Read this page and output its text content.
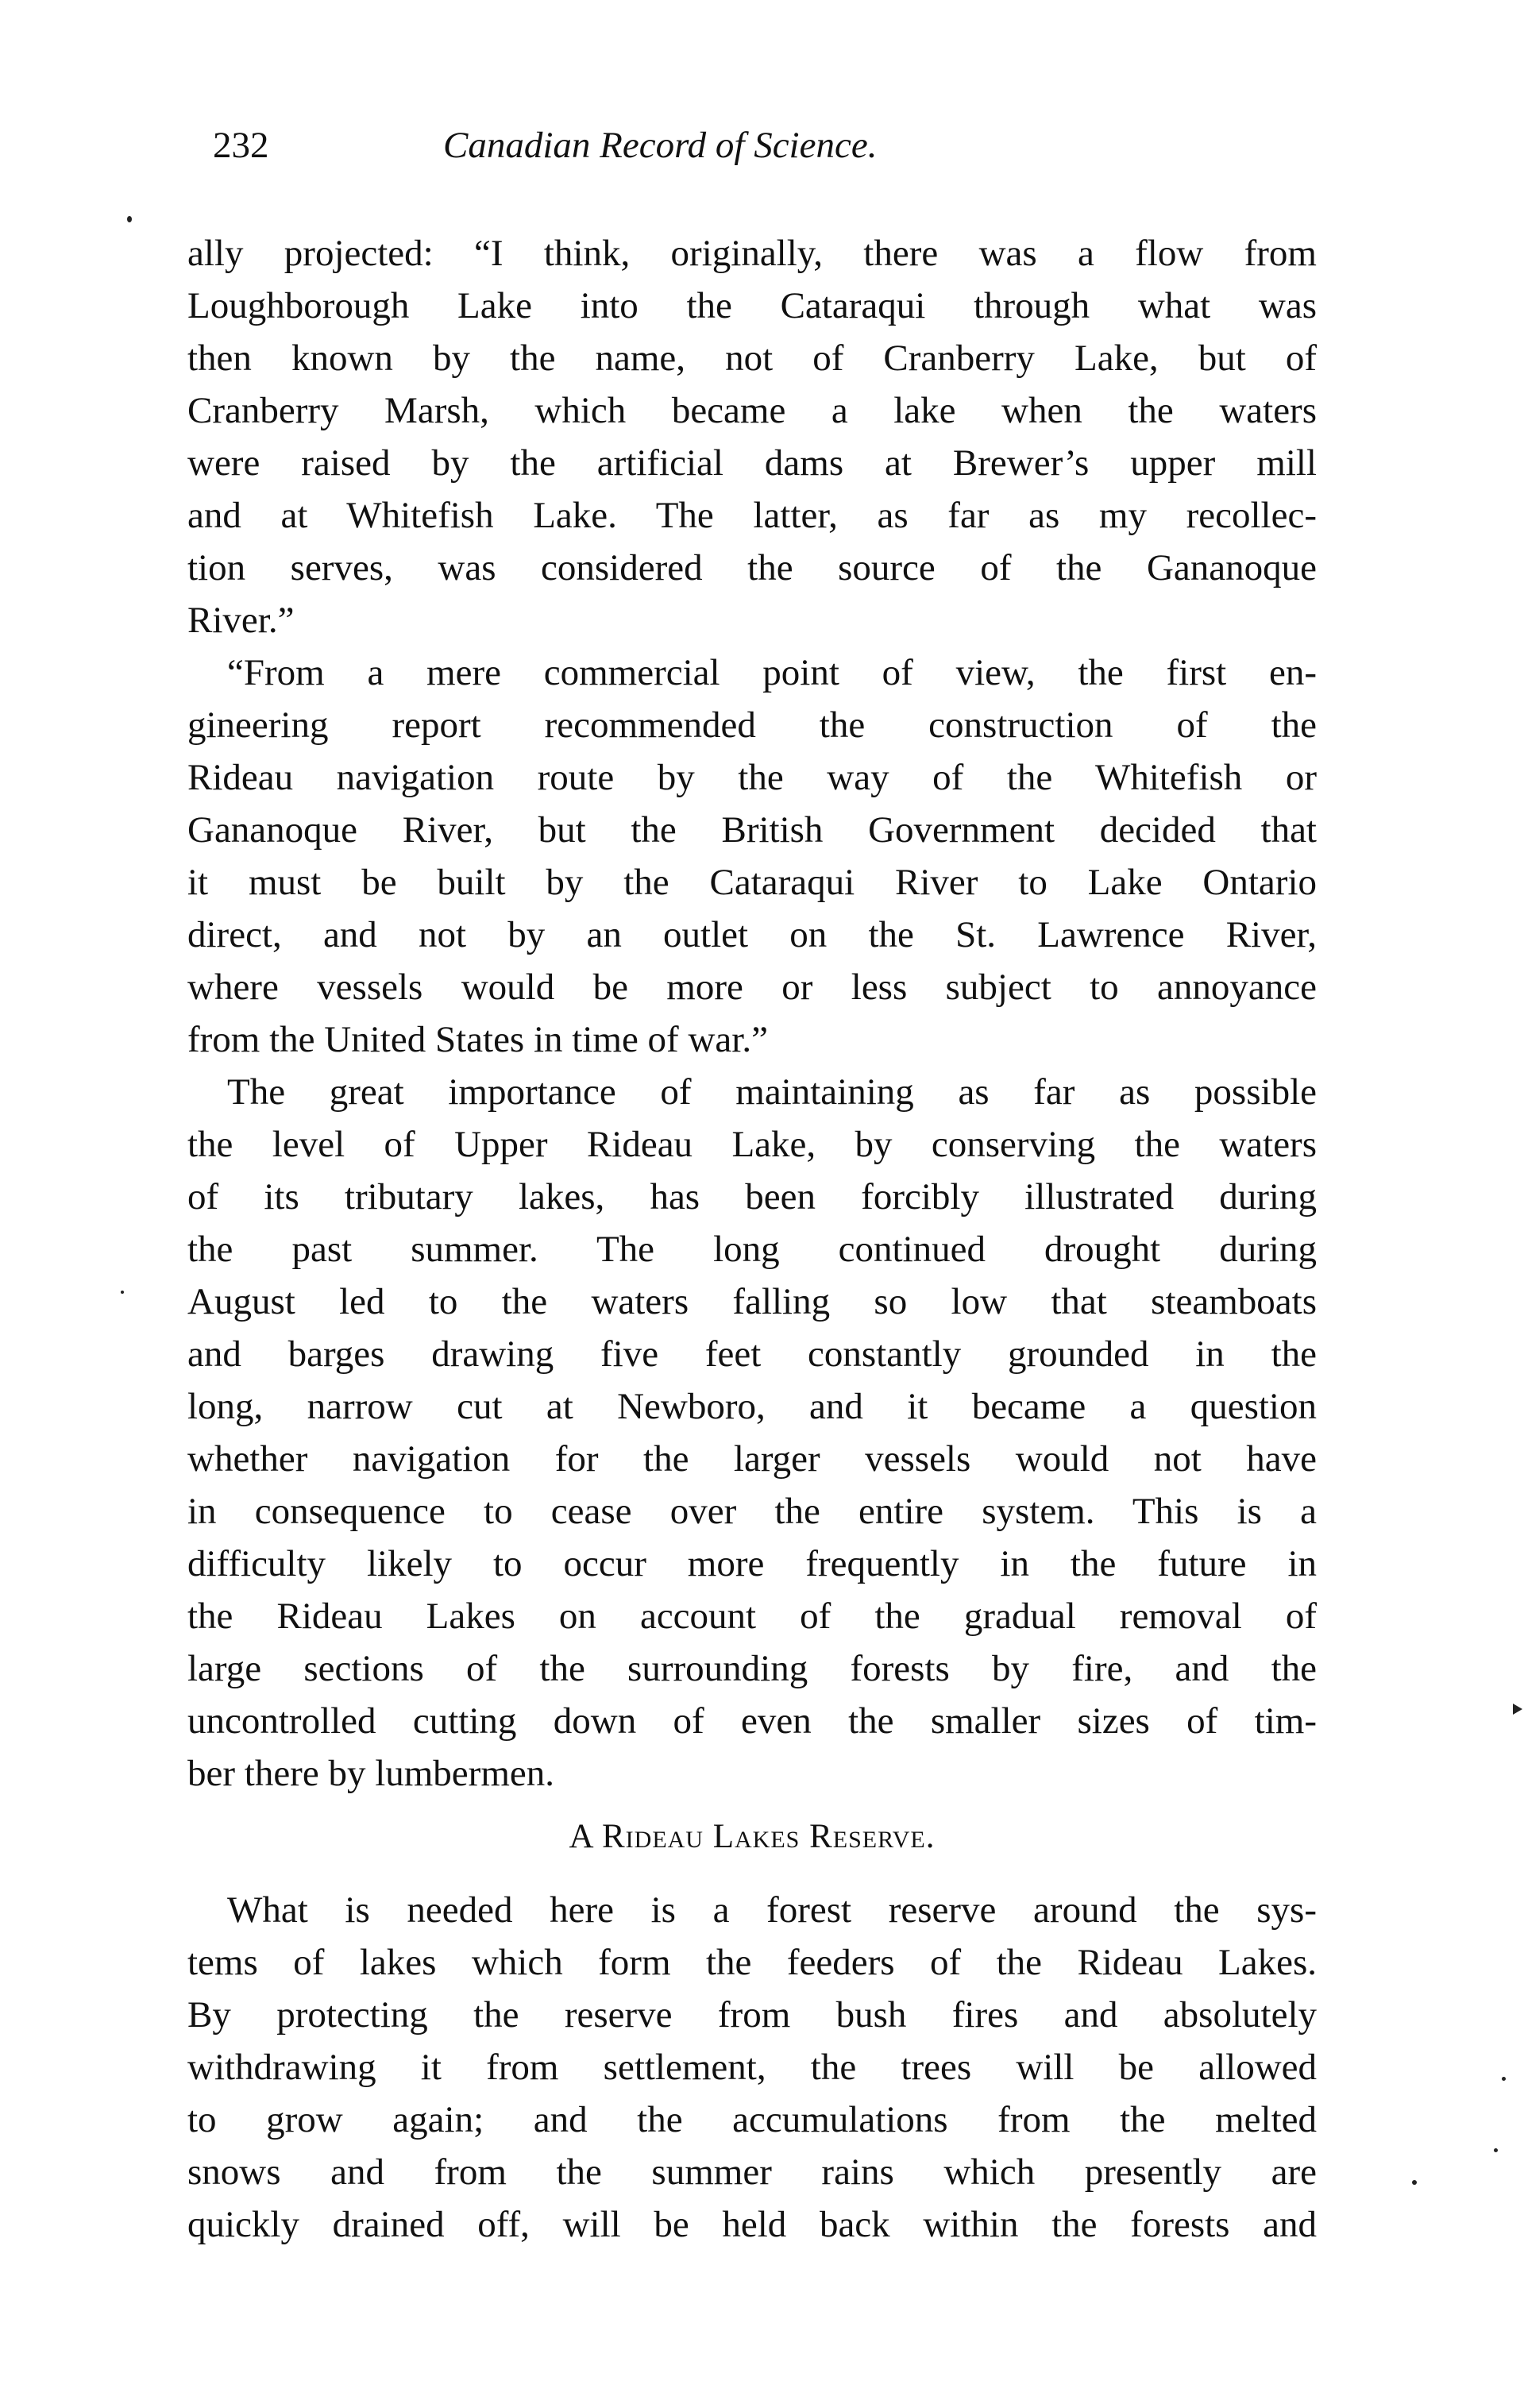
232	Canadian Record of Science.
ally projected: “I think, originally, there was a flow from
Loughborough Lake into the Cataraqui through what was
then known by the name, not of Cranberry Lake, but of
Cranberry Marsh, which became a lake when the waters
were raised by the artificial dams at Brewer’s upper mill
and at Whitefish Lake. The latter, as far as my recollec-
tion serves, was considered the source of the Gananoque
River.”
“From a mere commercial point of view, the first en-
gineering report recommended the construction of the
Rideau navigation route by the way of the Whitefish or
Gananoque River, but the British Government decided that
it must be built by the Cataraqui River to Lake Ontario
direct, and not by an outlet on the St. Lawrence River,
where vessels would be more or less subject to annoyance
from the United States in time of war.”
The great importance of maintaining as far as possible
the level of Upper Rideau Lake, by conserving the waters
of its tributary lakes, has been forcibly illustrated during
the past summer. The long continued drought during
August led to the waters falling so low that steamboats
and barges drawing five feet constantly grounded in the
long, narrow cut at Newboro, and it became a question
whether navigation for the larger vessels would not have
in consequence to cease over the entire system. This is a
difficulty likely to occur more frequently in the future in
the Rideau Lakes on account of the gradual removal of
large sections of the surrounding forests by fire, and the
uncontrolled cutting down of even the smaller sizes of tim-
ber there by lumbermen.
A Rideau Lakes Reserve.
What is needed here is a forest reserve around the sys-
tems of lakes which form the feeders of the Rideau Lakes.
By protecting the reserve from bush fires and absolutely
withdrawing it from settlement, the trees will be allowed
to grow again; and the accumulations from the melted
snows and from the summer rains which presently are
quickly drained off, will be held back within the forests and
